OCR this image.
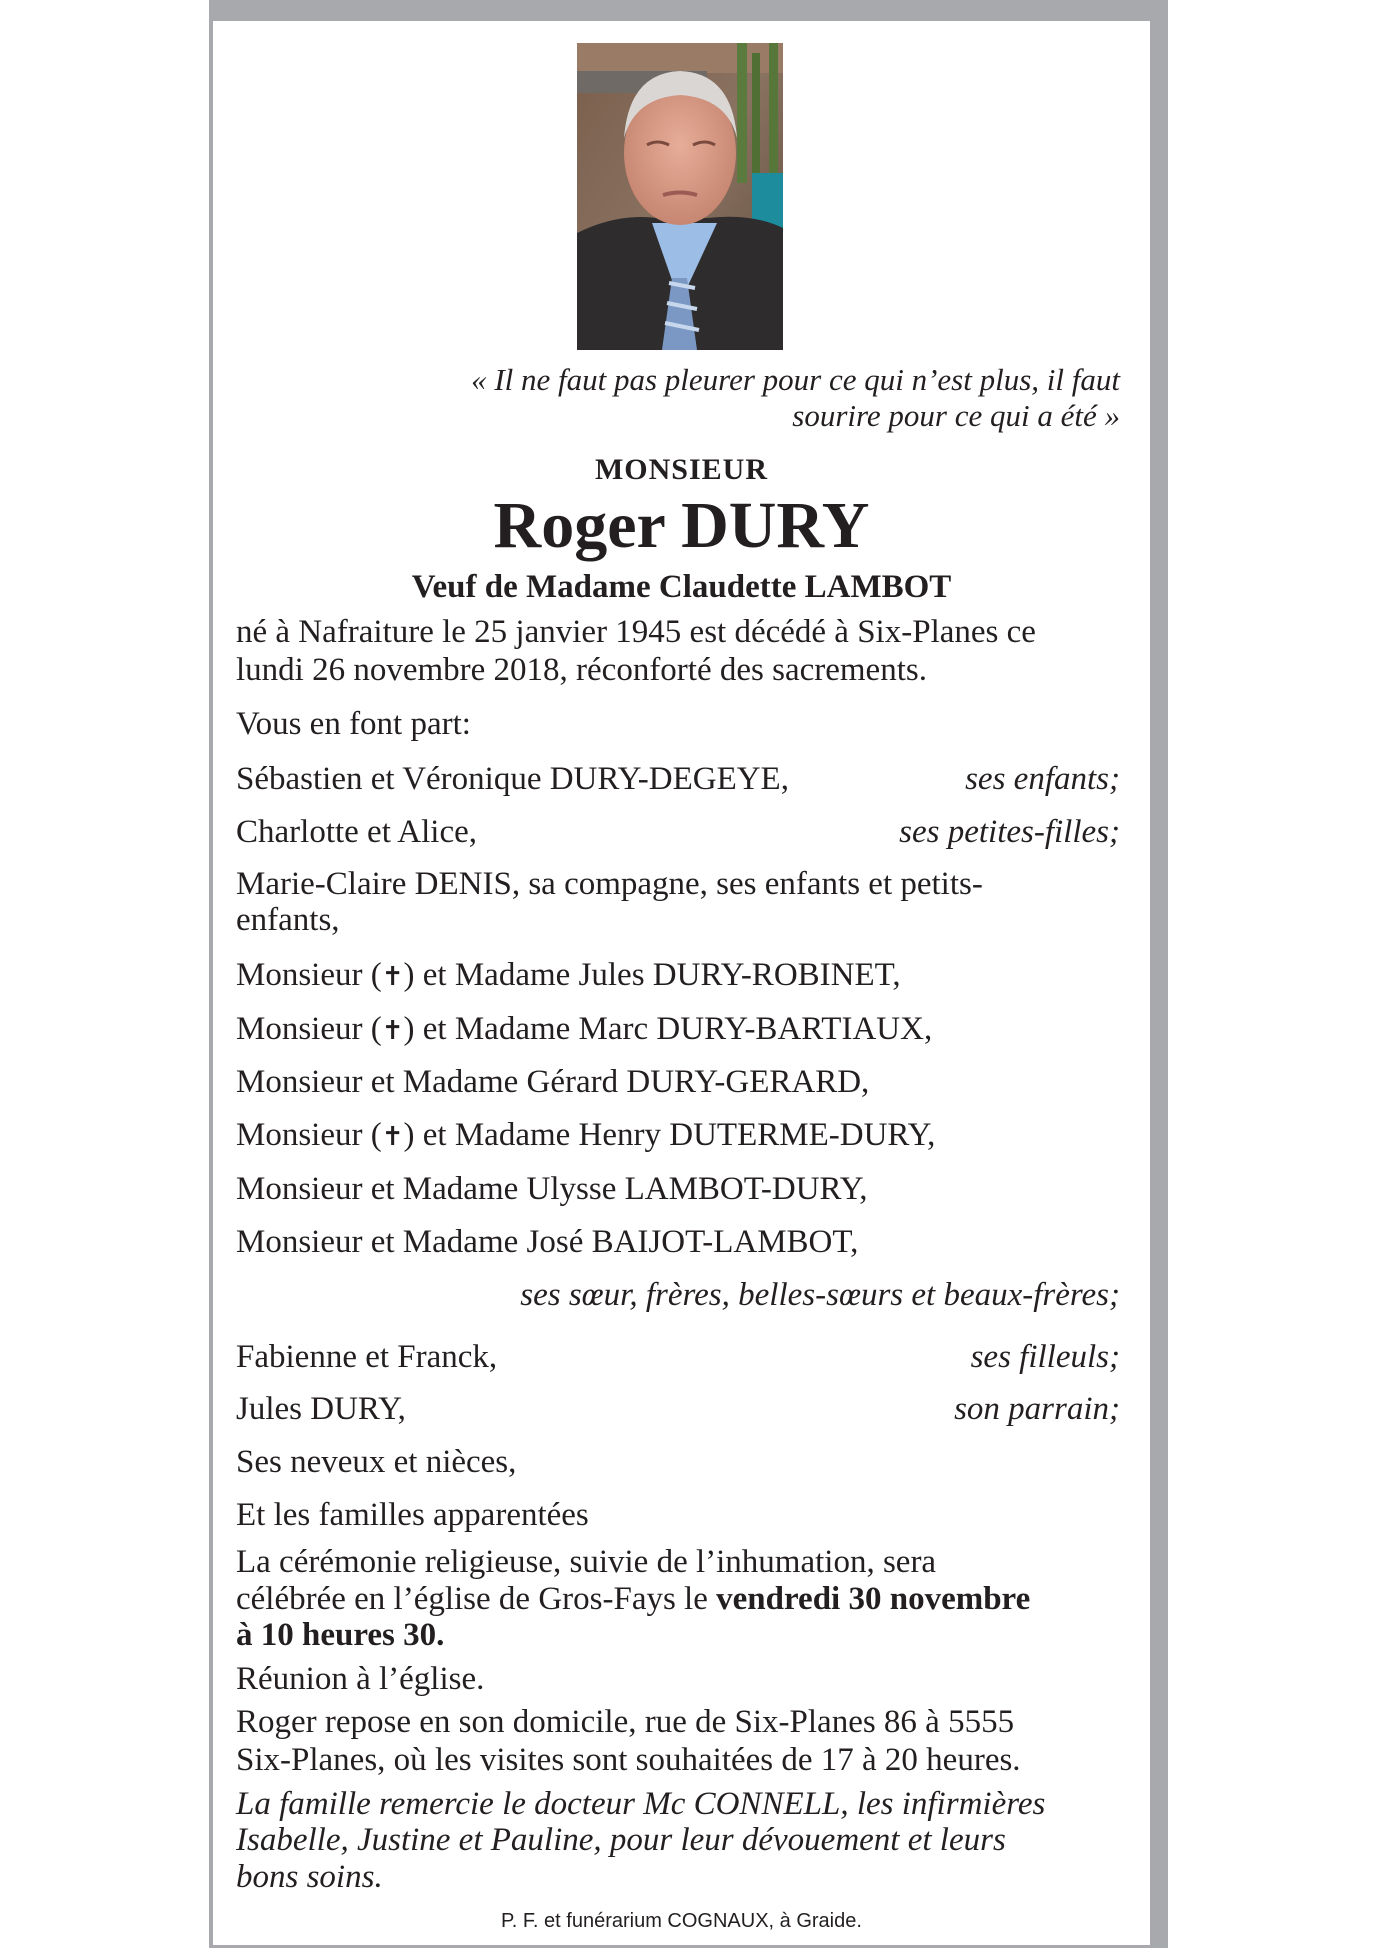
« Il ne faut pas pleurer pour ce qui n’est plus, il faut
sourire pour ce qui a été »
MONSIEUR
Roger DURY
Veuf de Madame Claudette LAMBOT
né à Nafraiture le 25 janvier 1945 est décédé à Six-Planes ce
lundi 26 novembre 2018, réconforté des sacrements.
Vous en font part:
Sébastien et Véronique DURY-DEGEYE,	ses enfants;
Charlotte et Alice,	ses petites-filles;
Marie-Claire DENIS, sa compagne, ses enfants et petits-
enfants,
Monsieur (✝) et Madame Jules DURY-ROBINET,
Monsieur (✝) et Madame Marc DURY-BARTIAUX,
Monsieur et Madame Gérard DURY-GERARD,
Monsieur (✝) et Madame Henry DUTERME-DURY,
Monsieur et Madame Ulysse LAMBOT-DURY,
Monsieur et Madame José BAIJOT-LAMBOT,
ses sœur, frères, belles-sœurs et beaux-frères;
Fabienne et Franck,	ses filleuls;
Jules DURY,	son parrain;
Ses neveux et nièces,
Et les familles apparentées
La cérémonie religieuse, suivie de l’inhumation, sera
célébrée en l’église de Gros-Fays le vendredi 30 novembre
à 10 heures 30.
Réunion à l’église.
Roger repose en son domicile, rue de Six-Planes 86 à 5555
Six-Planes, où les visites sont souhaitées de 17 à 20 heures.
La famille remercie le docteur Mc CONNELL, les infirmières
Isabelle, Justine et Pauline, pour leur dévouement et leurs
bons soins.
P. F. et funérarium COGNAUX, à Graide.
